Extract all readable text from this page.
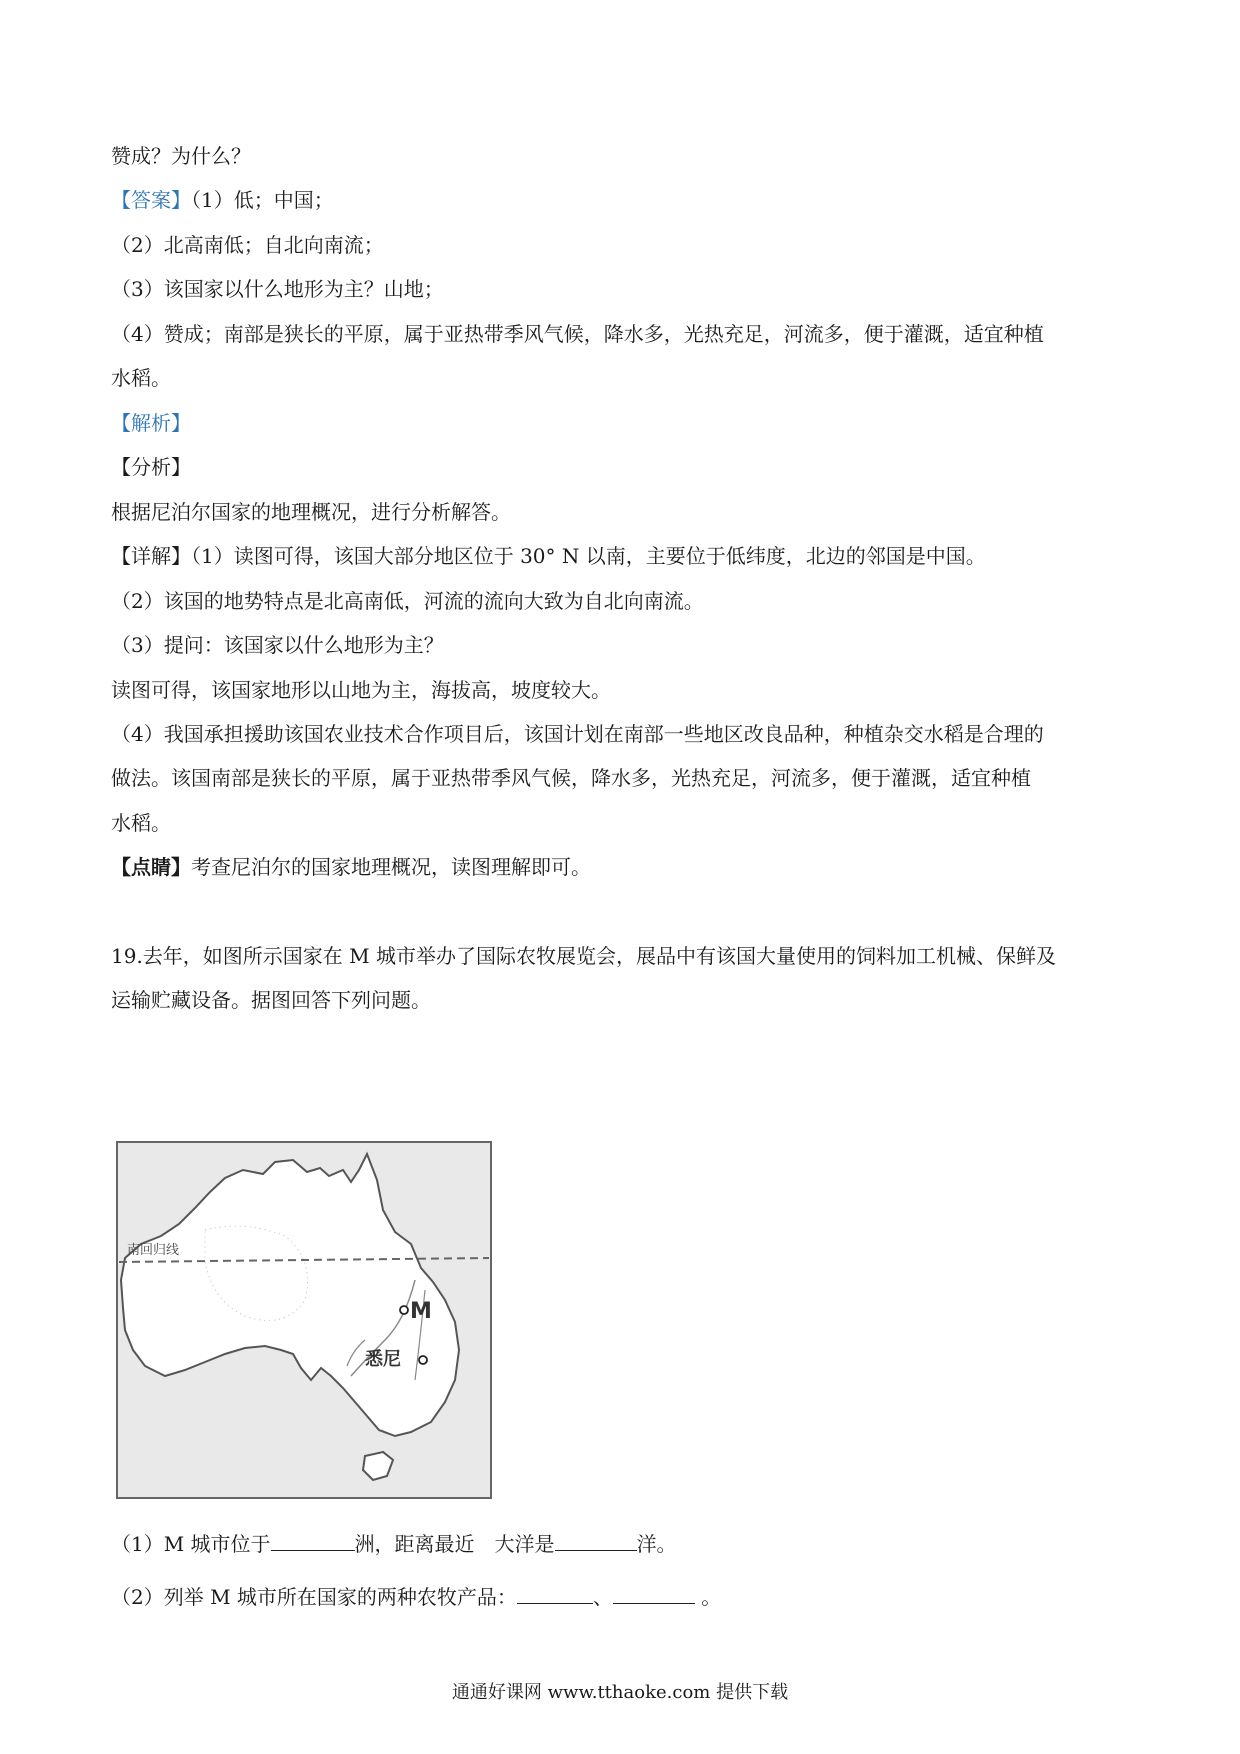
赞成？为什么？
【答案】（1）低；中国；
（2）北高南低；自北向南流；
（3）该国家以什么地形为主？山地；
（4）赞成；南部是狭长的平原，属于亚热带季风气候，降水多，光热充足，河流多，便于灌溉，适宜种植
水稻。
【解析】
【分析】
根据尼泊尔国家的地理概况，进行分析解答。
【详解】（1）读图可得，该国大部分地区位于 30° N 以南，主要位于低纬度，北边的邻国是中国。
（2）该国的地势特点是北高南低，河流的流向大致为自北向南流。
（3）提问：该国家以什么地形为主？
读图可得，该国家地形以山地为主，海拔高，坡度较大。
（4）我国承担援助该国农业技术合作项目后，该国计划在南部一些地区改良品种，种植杂交水稻是合理的
做法。该国南部是狭长的平原，属于亚热带季风气候，降水多，光热充足，河流多，便于灌溉，适宜种植
水稻。
【点睛】考查尼泊尔的国家地理概况，读图理解即可。
19.去年，如图所示国家在 M 城市举办了国际农牧展览会，展品中有该国大量使用的饲料加工机械、保鲜及
运输贮藏设备。据图回答下列问题。
南回归线
M
悉尼
（1）M 城市位于	洲，距离最近　大洋是	洋。
（2）列举 M 城市所在国家的两种农牧产品：	、	。
通通好课网 www.tthaoke.com 提供下载
